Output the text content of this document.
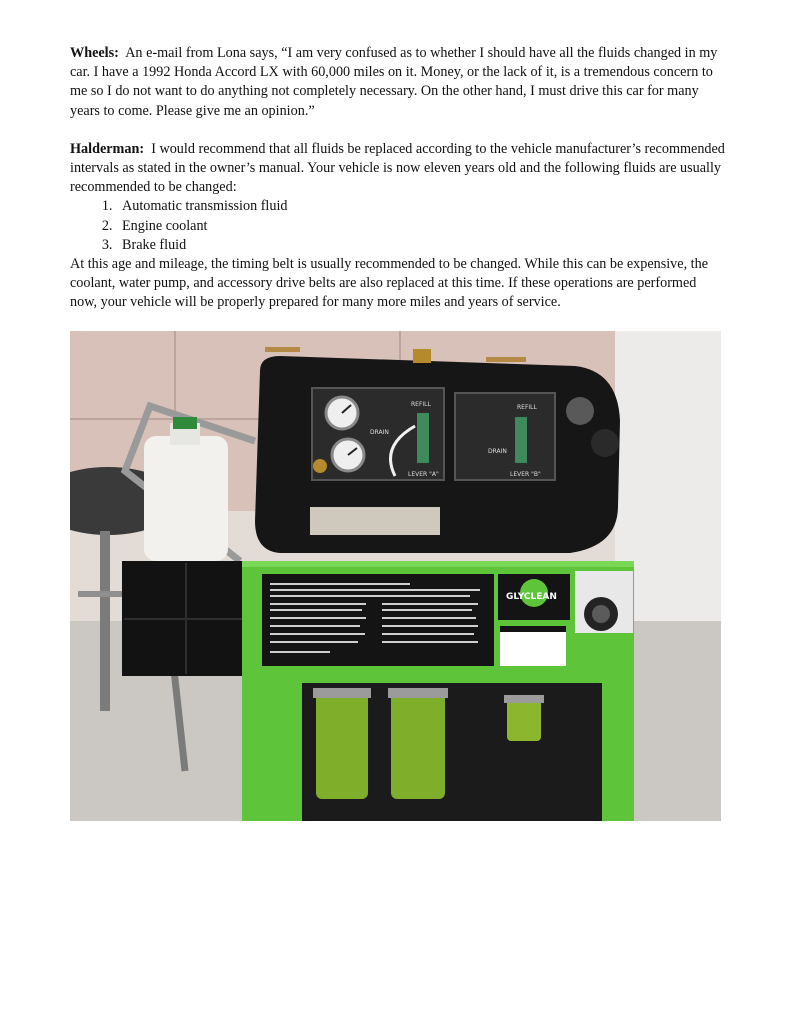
Wheels: An e-mail from Lona says, “I am very confused as to whether I should have all the fluids changed in my car. I have a 1992 Honda Accord LX with 60,000 miles on it. Money, or the lack of it, is a tremendous concern to me so I do not want to do anything not completely necessary. On the other hand, I must drive this car for many years to come. Please give me an opinion.”

Halderman: I would recommend that all fluids be replaced according to the vehicle manufacturer’s recommended intervals as stated in the owner’s manual. Your vehicle is now eleven years old and the following fluids are usually recommended to be changed:

1. Automatic transmission fluid
2. Engine coolant
3. Brake fluid

At this age and mileage, the timing belt is usually recommended to be changed. While this can be expensive, the coolant, water pump, and accessory drive belts are also replaced at this time. If these operations are performed now, your vehicle will be properly prepared for many more miles and years of service.

DRAIN
REFILL
LEVER "A"
DRAIN
REFILL
LEVER "B"
GLYCLEAN
